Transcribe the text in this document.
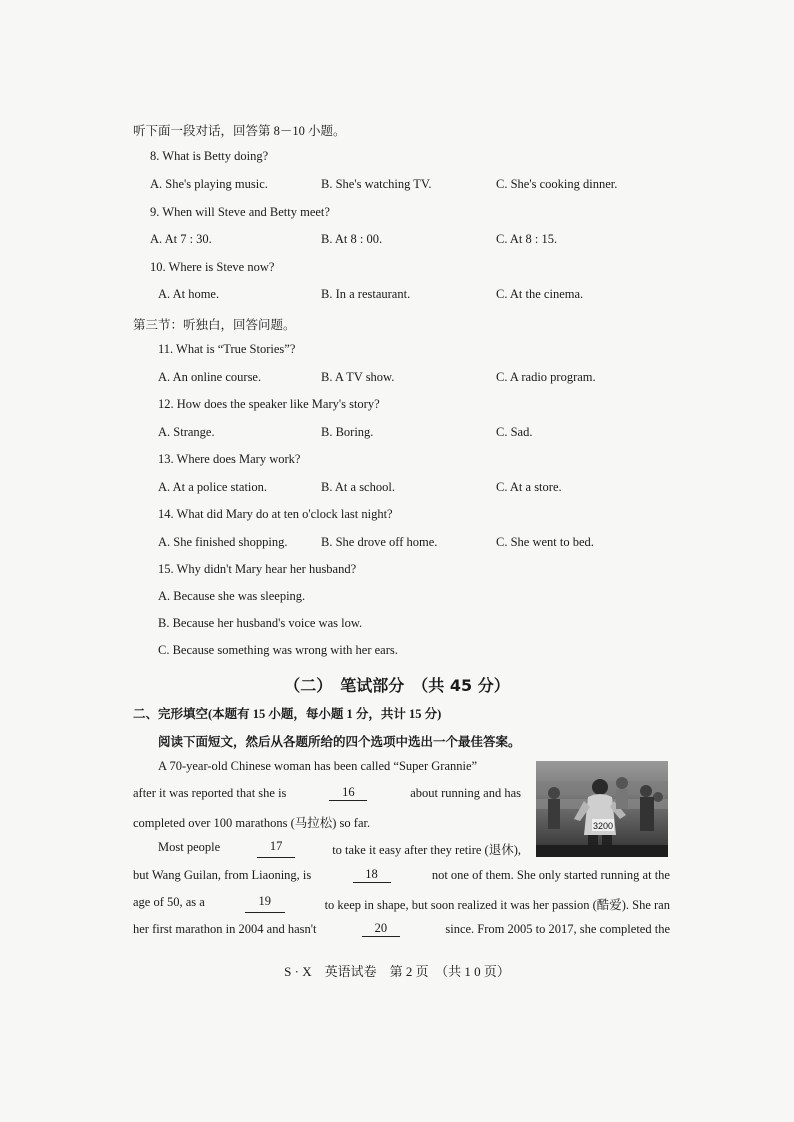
听下面一段对话，回答第 8－10 小题。
8. What is Betty doing?
A. She's playing music.	B. She's watching TV.	C. She's cooking dinner.
9. When will Steve and Betty meet?
A. At 7 : 30.	B. At 8 : 00.	C. At 8 : 15.
10. Where is Steve now?
A. At home.	B. In a restaurant.	C. At the cinema.
第三节：听独白，回答问题。
11. What is “True Stories”?
A. An online course.	B. A TV show.	C. A radio program.
12. How does the speaker like Mary's story?
A. Strange.	B. Boring.	C. Sad.
13. Where does Mary work?
A. At a police station.	B. At a school.	C. At a store.
14. What did Mary do at ten o'clock last night?
A. She finished shopping.	B. She drove off home.	C. She went to bed.
15. Why didn't Mary hear her husband?
A. Because she was sleeping.
B. Because her husband's voice was low.
C. Because something was wrong with her ears.
（二）　笔试部分　（共 45 分）
二、完形填空(本题有 15 小题，每小题 1 分，共计 15 分)
阅读下面短文，然后从各题所给的四个选项中选出一个最佳答案。
A 70-year-old Chinese woman has been called “Super Grannie”
after it was reported that she is	16	about running and has
completed over 100 marathons (马拉松) so far.
Most people	17	to take it easy after they retire (退休),
but Wang Guilan, from Liaoning, is	18	not one of them. She only started running at the
age of 50, as a	19	to keep in shape, but soon realized it was her passion (酷爱). She ran
her first marathon in 2004 and hasn't	20	since. From 2005 to 2017, she completed the
3200
S · X　英语试卷　第 2 页　（共 1 0 页）
